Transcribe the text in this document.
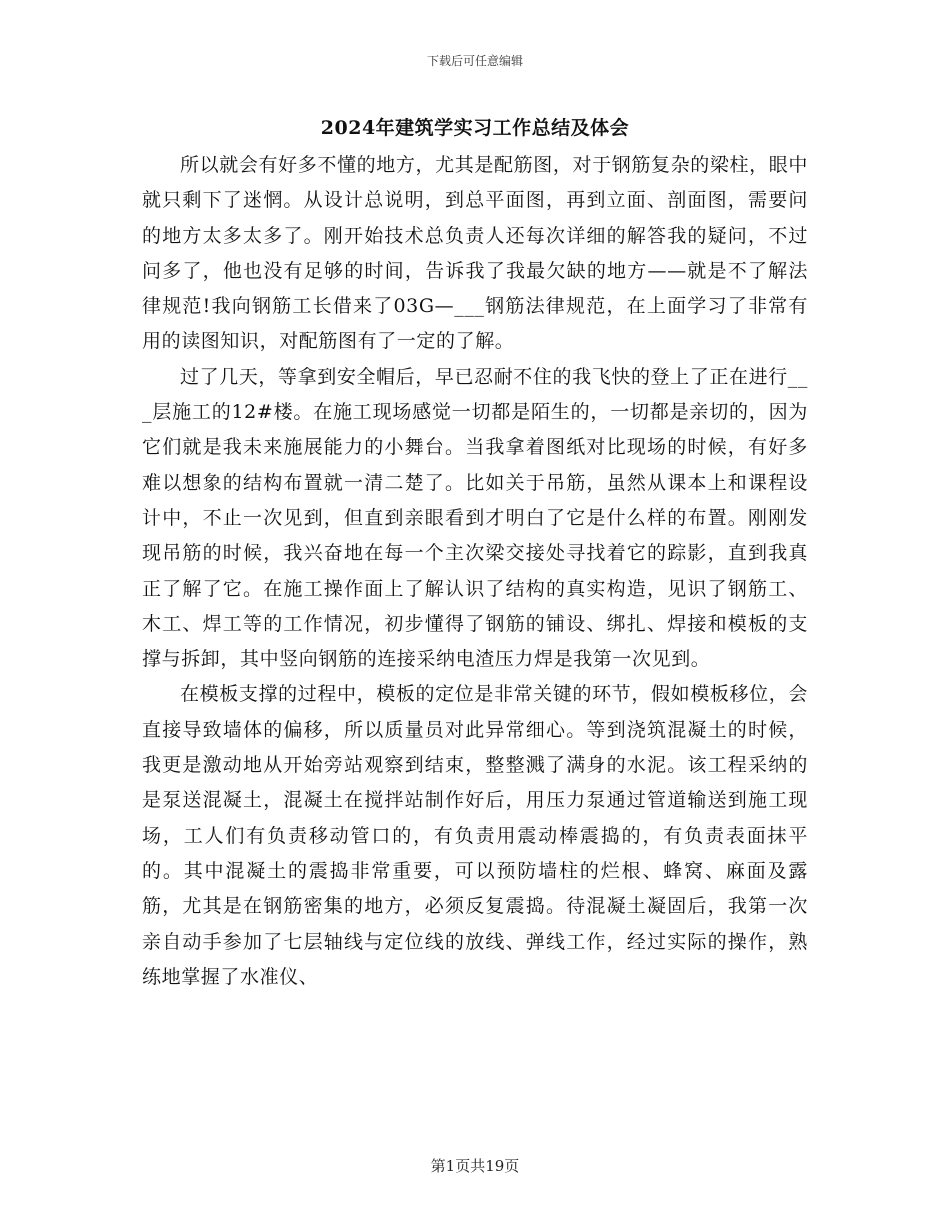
下载后可任意编辑
2024年建筑学实习工作总结及体会

所以就会有好多不懂的地方，尤其是配筋图，对于钢筋复杂的梁柱，眼中就只剩下了迷惘。从设计总说明，到总平面图，再到立面、剖面图，需要问的地方太多太多了。刚开始技术总负责人还每次详细的解答我的疑问，不过问多了，他也没有足够的时间，告诉我了我最欠缺的地方——就是不了解法律规范!我向钢筋工长借来了03G—___钢筋法律规范，在上面学习了非常有用的读图知识，对配筋图有了一定的了解。

过了几天，等拿到安全帽后，早已忍耐不住的我飞快的登上了正在进行___层施工的12#楼。在施工现场感觉一切都是陌生的，一切都是亲切的，因为它们就是我未来施展能力的小舞台。当我拿着图纸对比现场的时候，有好多难以想象的结构布置就一清二楚了。比如关于吊筋，虽然从课本上和课程设计中，不止一次见到，但直到亲眼看到才明白了它是什么样的布置。刚刚发现吊筋的时候，我兴奋地在每一个主次梁交接处寻找着它的踪影，直到我真正了解了它。在施工操作面上了解认识了结构的真实构造，见识了钢筋工、木工、焊工等的工作情况，初步懂得了钢筋的铺设、绑扎、焊接和模板的支撑与拆卸，其中竖向钢筋的连接采纳电渣压力焊是我第一次见到。

在模板支撑的过程中，模板的定位是非常关键的环节，假如模板移位，会直接导致墙体的偏移，所以质量员对此异常细心。等到浇筑混凝土的时候，我更是激动地从开始旁站观察到结束，整整溅了满身的水泥。该工程采纳的是泵送混凝土，混凝土在搅拌站制作好后，用压力泵通过管道输送到施工现场，工人们有负责移动管口的，有负责用震动棒震捣的，有负责表面抹平的。其中混凝土的震捣非常重要，可以预防墙柱的烂根、蜂窝、麻面及露筋，尤其是在钢筋密集的地方，必须反复震捣。待混凝土凝固后，我第一次亲自动手参加了七层轴线与定位线的放线、弹线工作，经过实际的操作，熟练地掌握了水准仪、

第1页共19页
